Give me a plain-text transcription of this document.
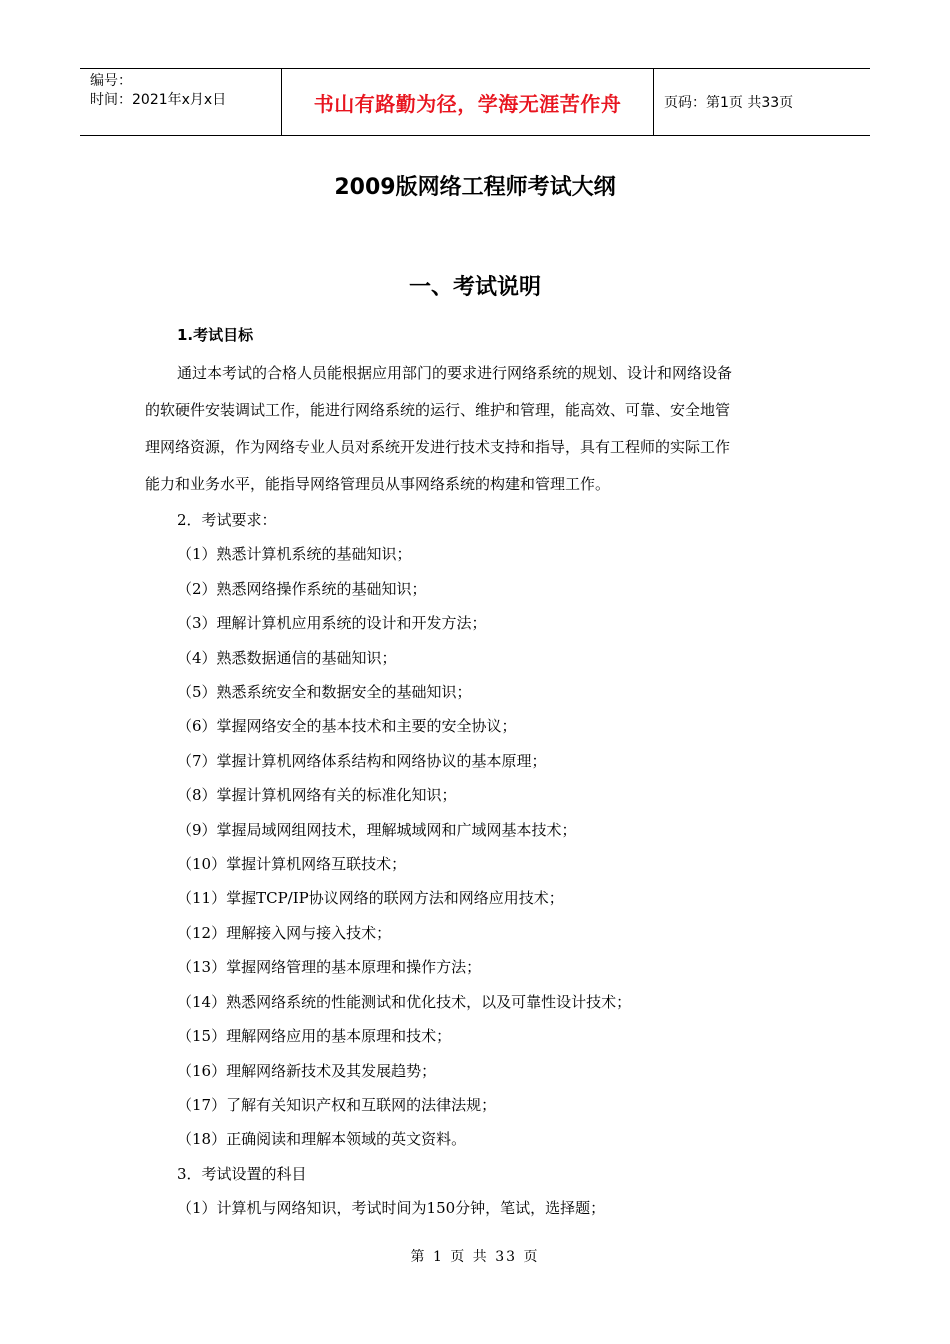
编号：
时间：2021年x月x日	书山有路勤为径，学海无涯苦作舟	页码：第1页 共33页
2009版网络工程师考试大纲
一、考试说明
1.考试目标
通过本考试的合格人员能根据应用部门的要求进行网络系统的规划、设计和网络设备
的软硬件安装调试工作，能进行网络系统的运行、维护和管理，能高效、可靠、安全地管
理网络资源，作为网络专业人员对系统开发进行技术支持和指导，具有工程师的实际工作
能力和业务水平，能指导网络管理员从事网络系统的构建和管理工作。
2．考试要求：
（1）熟悉计算机系统的基础知识；
（2）熟悉网络操作系统的基础知识；
（3）理解计算机应用系统的设计和开发方法；
（4）熟悉数据通信的基础知识；
（5）熟悉系统安全和数据安全的基础知识；
（6）掌握网络安全的基本技术和主要的安全协议；
（7）掌握计算机网络体系结构和网络协议的基本原理；
（8）掌握计算机网络有关的标准化知识；
（9）掌握局域网组网技术，理解城域网和广域网基本技术；
（10）掌握计算机网络互联技术；
（11）掌握TCP/IP协议网络的联网方法和网络应用技术；
（12）理解接入网与接入技术；
（13）掌握网络管理的基本原理和操作方法；
（14）熟悉网络系统的性能测试和优化技术，以及可靠性设计技术；
（15）理解网络应用的基本原理和技术；
（16）理解网络新技术及其发展趋势；
（17）了解有关知识产权和互联网的法律法规；
（18）正确阅读和理解本领域的英文资料。
3．考试设置的科目
（1）计算机与网络知识，考试时间为150分钟，笔试，选择题；
第 1 页 共 33 页
